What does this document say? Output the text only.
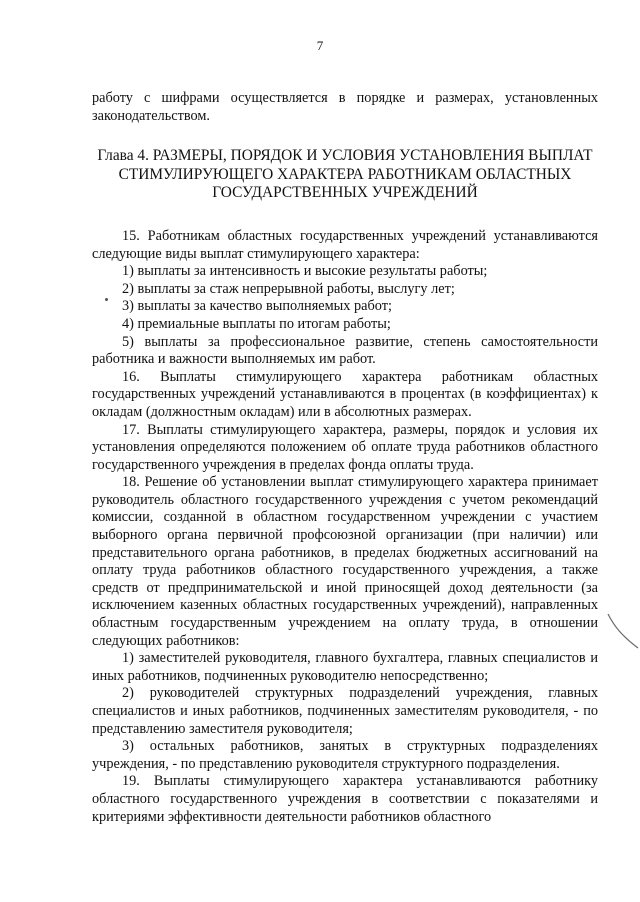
7

работу с шифрами осуществляется в порядке и размерах, установленных законодательством.

Глава 4. РАЗМЕРЫ, ПОРЯДОК И УСЛОВИЯ УСТАНОВЛЕНИЯ ВЫПЛАТ СТИМУЛИРУЮЩЕГО ХАРАКТЕРА РАБОТНИКАМ ОБЛАСТНЫХ ГОСУДАРСТВЕННЫХ УЧРЕЖДЕНИЙ

15. Работникам областных государственных учреждений устанавливаются следующие виды выплат стимулирующего характера:

1) выплаты за интенсивность и высокие результаты работы;

2) выплаты за стаж непрерывной работы, выслугу лет;

3) выплаты за качество выполняемых работ;

4) премиальные выплаты по итогам работы;

5) выплаты за профессиональное развитие, степень самостоятельности работника и важности выполняемых им работ.

16. Выплаты стимулирующего характера работникам областных государственных учреждений устанавливаются в процентах (в коэффициентах) к окладам (должностным окладам) или в абсолютных размерах.

17. Выплаты стимулирующего характера, размеры, порядок и условия их установления определяются положением об оплате труда работников областного государственного учреждения в пределах фонда оплаты труда.

18. Решение об установлении выплат стимулирующего характера принимает руководитель областного государственного учреждения с учетом рекомендаций комиссии, созданной в областном государственном учреждении с участием выборного органа первичной профсоюзной организации (при наличии) или представительного органа работников, в пределах бюджетных ассигнований на оплату труда работников областного государственного учреждения, а также средств от предпринимательской и иной приносящей доход деятельности (за исключением казенных областных государственных учреждений), направленных областным государственным учреждением на оплату труда, в отношении следующих работников:

1) заместителей руководителя, главного бухгалтера, главных специалистов и иных работников, подчиненных руководителю непосредственно;

2) руководителей структурных подразделений учреждения, главных специалистов и иных работников, подчиненных заместителям руководителя, - по представлению заместителя руководителя;

3) остальных работников, занятых в структурных подразделениях учреждения, - по представлению руководителя структурного подразделения.

19. Выплаты стимулирующего характера устанавливаются работнику областного государственного учреждения в соответствии с показателями и критериями эффективности деятельности работников областного
